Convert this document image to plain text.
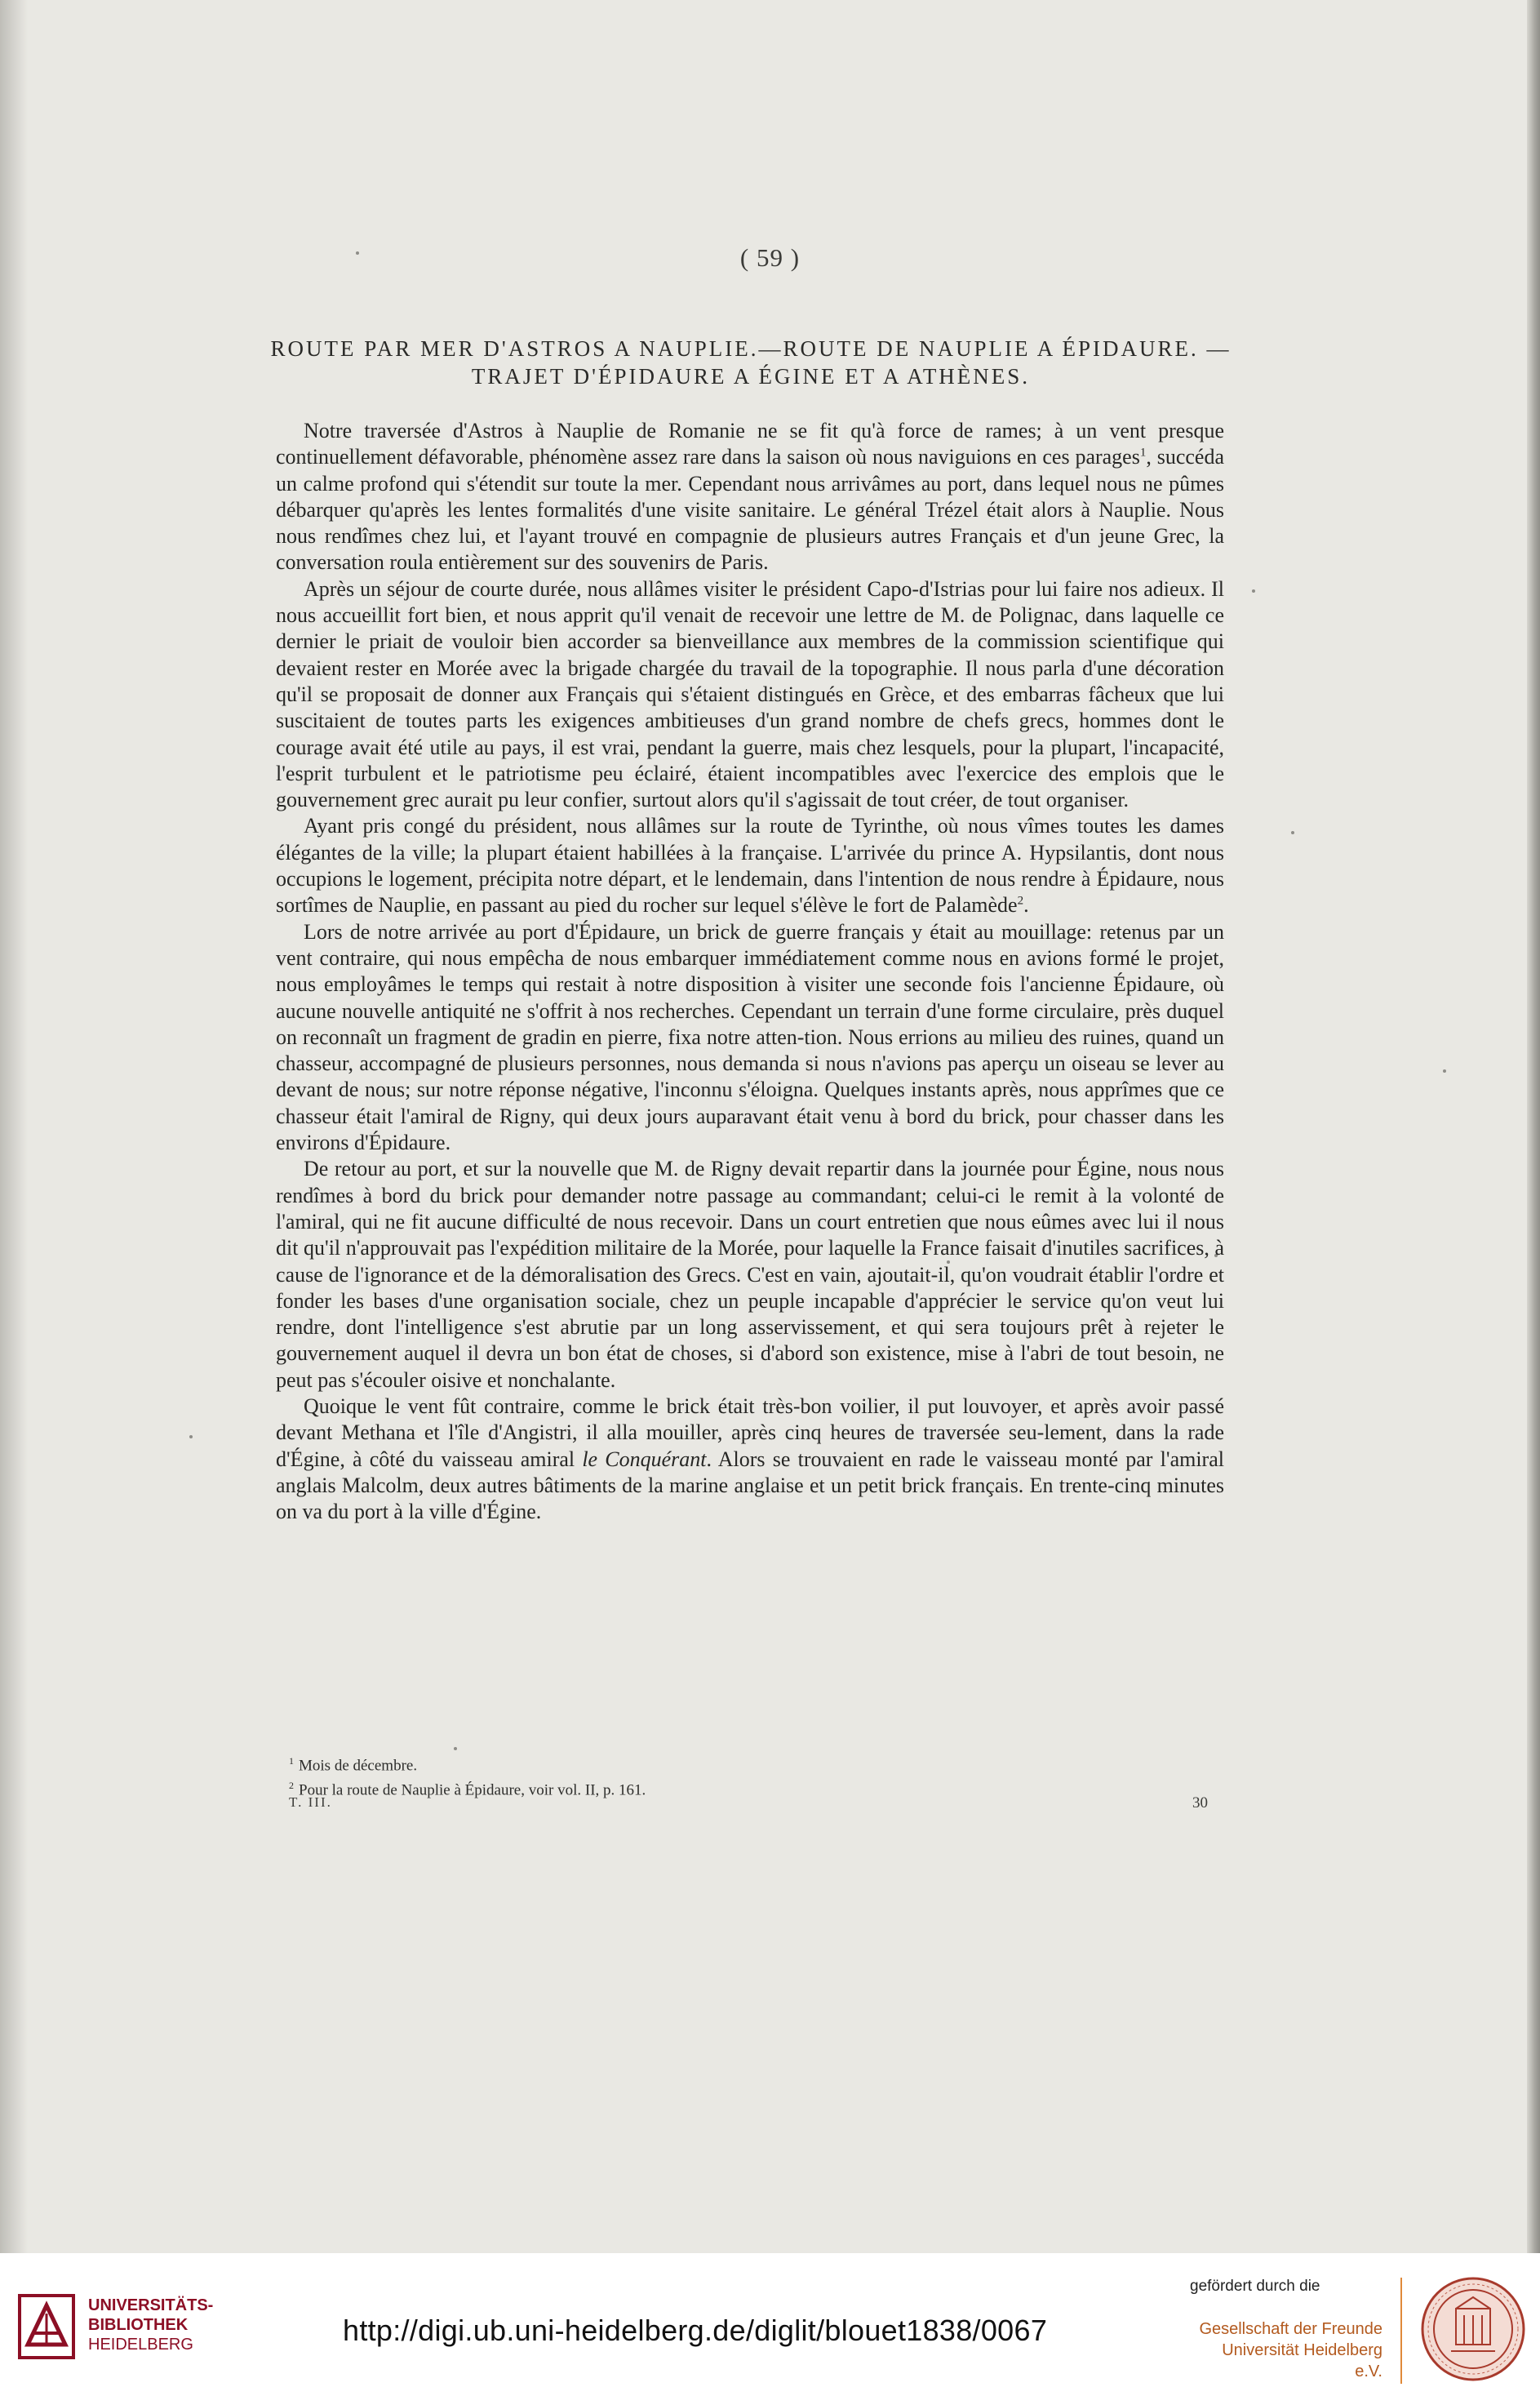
( 59 )
ROUTE PAR MER D'ASTROS A NAUPLIE.—ROUTE DE NAUPLIE A ÉPIDAURE. —
TRAJET D'ÉPIDAURE A ÉGINE ET A ATHÈNES.

Notre traversée d'Astros à Nauplie de Romanie ne se fit qu'à force de rames; à un vent presque continuellement défavorable, phénomène assez rare dans la saison où nous naviguions en ces parages$^1$, succéda un calme profond qui s'étendit sur toute la mer. Cependant nous arrivâmes au port, dans lequel nous ne pûmes débarquer qu'après les lentes formalités d'une visite sanitaire. Le général Trézel était alors à Nauplie. Nous nous rendîmes chez lui, et l'ayant trouvé en compagnie de plusieurs autres Français et d'un jeune Grec, la conversation roula entièrement sur des souvenirs de Paris.

Après un séjour de courte durée, nous allâmes visiter le président Capo-d'Istrias pour lui faire nos adieux. Il nous accueillit fort bien, et nous apprit qu'il venait de recevoir une lettre de M. de Polignac, dans laquelle ce dernier le priait de vouloir bien accorder sa bienveillance aux membres de la commission scientifique qui devaient rester en Morée avec la brigade chargée du travail de la topographie. Il nous parla d'une décoration qu'il se proposait de donner aux Français qui s'étaient distingués en Grèce, et des embarras fâcheux que lui suscitaient de toutes parts les exigences ambitieuses d'un grand nombre de chefs grecs, hommes dont le courage avait été utile au pays, il est vrai, pendant la guerre, mais chez lesquels, pour la plupart, l'incapacité, l'esprit turbulent et le patriotisme peu éclairé, étaient incompatibles avec l'exercice des emplois que le gouvernement grec aurait pu leur confier, surtout alors qu'il s'agissait de tout créer, de tout organiser.

Ayant pris congé du président, nous allâmes sur la route de Tyrinthe, où nous vîmes toutes les dames élégantes de la ville; la plupart étaient habillées à la française. L'arrivée du prince A. Hypsilantis, dont nous occupions le logement, précipita notre départ, et le lendemain, dans l'intention de nous rendre à Épidaure, nous sortîmes de Nauplie, en passant au pied du rocher sur lequel s'élève le fort de Palamède$^2$.

Lors de notre arrivée au port d'Épidaure, un brick de guerre français y était au mouillage: retenus par un vent contraire, qui nous empêcha de nous embarquer immédiatement comme nous en avions formé le projet, nous employâmes le temps qui restait à notre disposition à visiter une seconde fois l'ancienne Épidaure, où aucune nouvelle antiquité ne s'offrit à nos recherches. Cependant un terrain d'une forme circulaire, près duquel on reconnaît un fragment de gradin en pierre, fixa notre atten-tion. Nous errions au milieu des ruines, quand un chasseur, accompagné de plusieurs personnes, nous demanda si nous n'avions pas aperçu un oiseau se lever au devant de nous; sur notre réponse négative, l'inconnu s'éloigna. Quelques instants après, nous apprîmes que ce chasseur était l'amiral de Rigny, qui deux jours auparavant était venu à bord du brick, pour chasser dans les environs d'Épidaure.

De retour au port, et sur la nouvelle que M. de Rigny devait repartir dans la journée pour Égine, nous nous rendîmes à bord du brick pour demander notre passage au commandant; celui-ci le remit à la volonté de l'amiral, qui ne fit aucune difficulté de nous recevoir. Dans un court entretien que nous eûmes avec lui il nous dit qu'il n'approuvait pas l'expédition militaire de la Morée, pour laquelle la France faisait d'inutiles sacrifices, à cause de l'ignorance et de la démoralisation des Grecs. C'est en vain, ajoutait-il, qu'on voudrait établir l'ordre et fonder les bases d'une organisation sociale, chez un peuple incapable d'apprécier le service qu'on veut lui rendre, dont l'intelligence s'est abrutie par un long asservissement, et qui sera toujours prêt à rejeter le gouvernement auquel il devra un bon état de choses, si d'abord son existence, mise à l'abri de tout besoin, ne peut pas s'écouler oisive et nonchalante.

Quoique le vent fût contraire, comme le brick était très-bon voilier, il put louvoyer, et après avoir passé devant Methana et l'île d'Angistri, il alla mouiller, après cinq heures de traversée seu-lement, dans la rade d'Égine, à côté du vaisseau amiral le Conquérant. Alors se trouvaient en rade le vaisseau monté par l'amiral anglais Malcolm, deux autres bâtiments de la marine anglaise et un petit brick français. En trente-cinq minutes on va du port à la ville d'Égine.

$^1$ Mois de décembre.
$^2$ Pour la route de Nauplie à Épidaure, voir vol. II, p. 161.
T. III.	30
UNIVERSITÄTS-
BIBLIOTHEK
HEIDELBERG	http://digi.ub.uni-heidelberg.de/diglit/blouet1838/0067
gefördert durch die
Gesellschaft der Freunde
Universität Heidelberg e.V.
